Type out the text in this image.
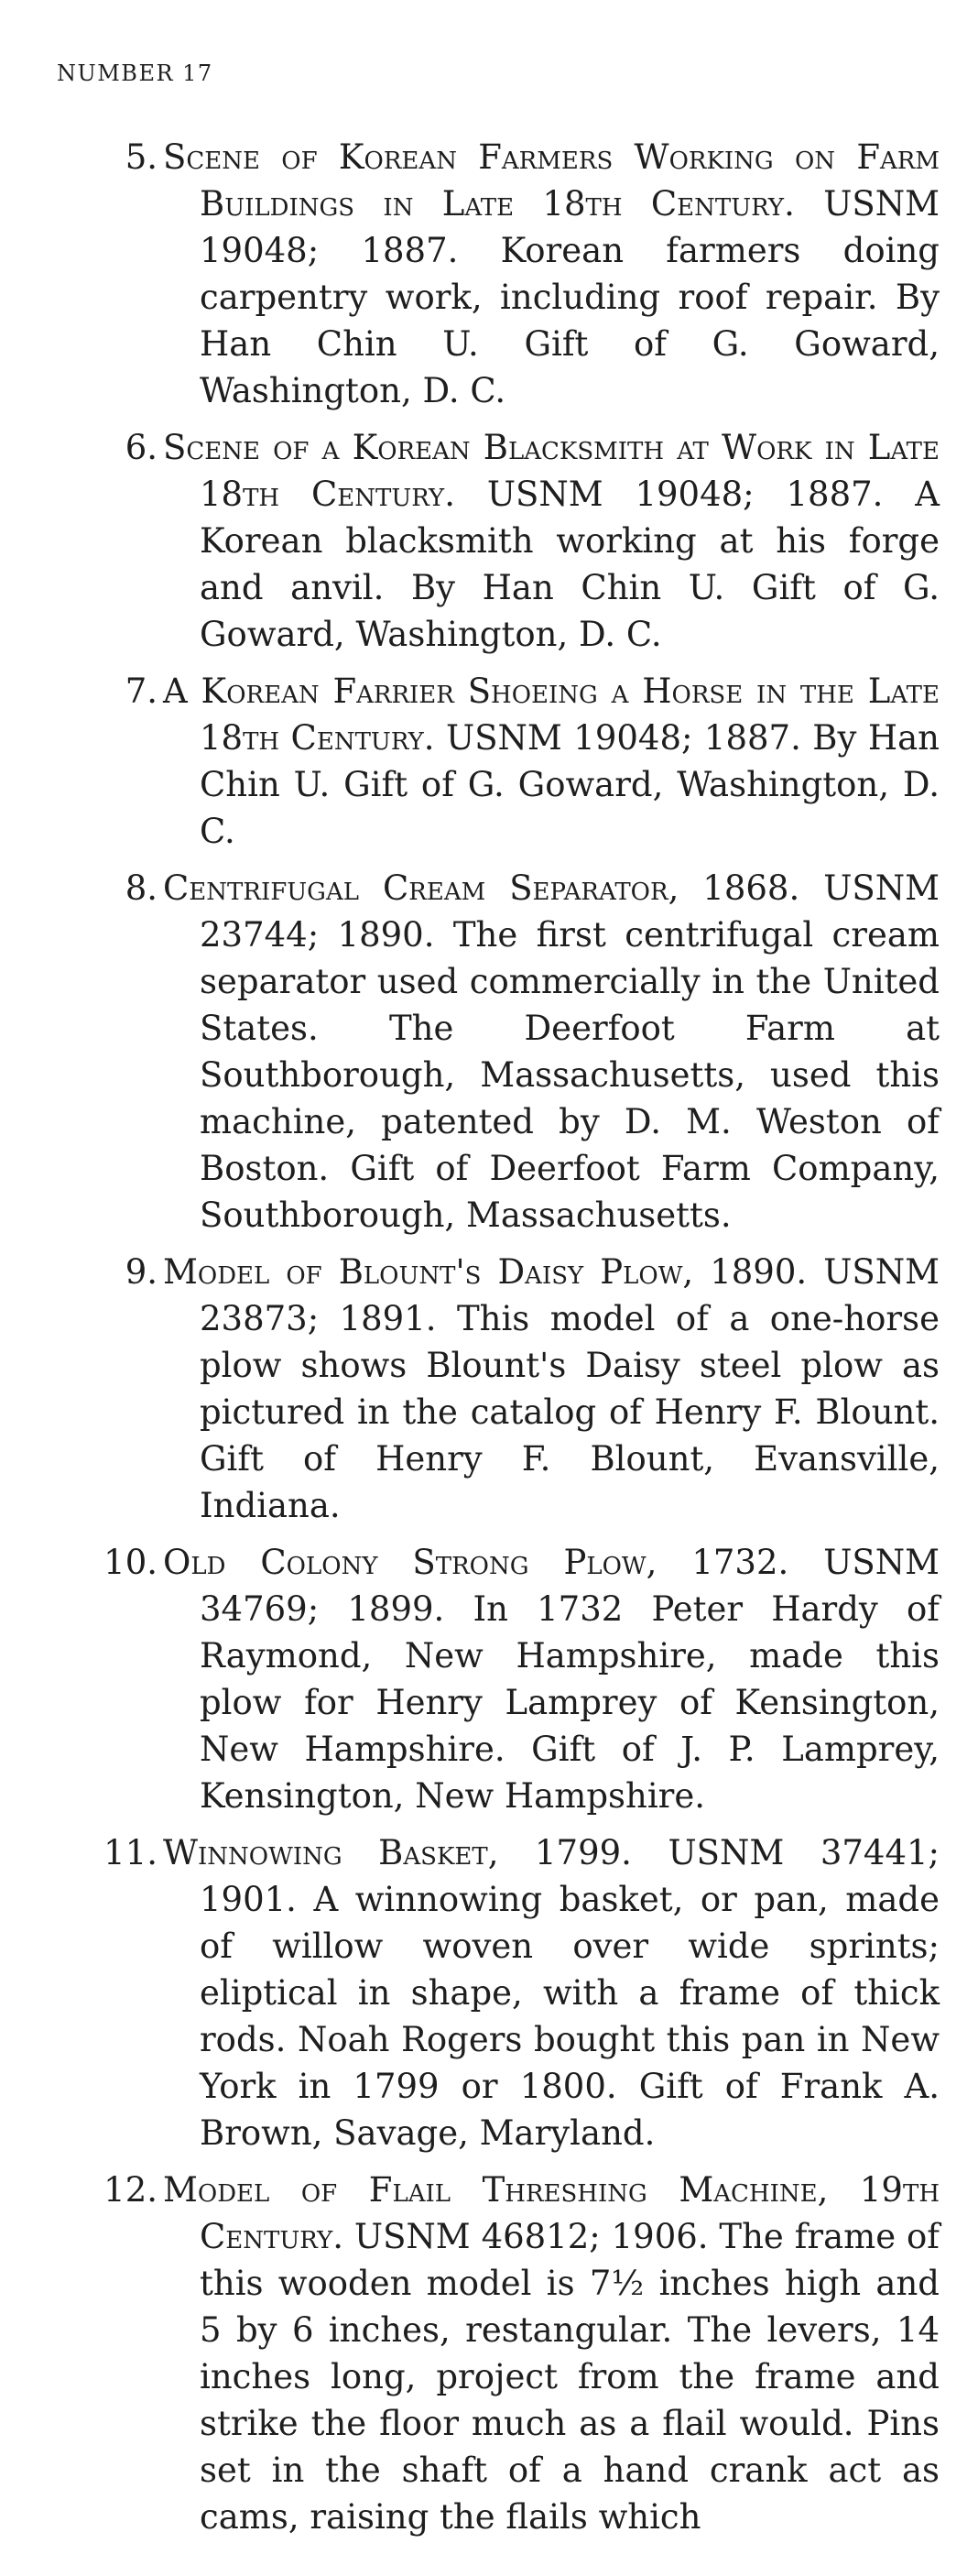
NUMBER 17
5. Scene of Korean Farmers Working on Farm Buildings in Late 18th Century. USNM 19048; 1887. Korean farmers doing carpentry work, including roof repair. By Han Chin U. Gift of G. Goward, Washington, D. C.
6. Scene of a Korean Blacksmith at Work in Late 18th Century. USNM 19048; 1887. A Korean blacksmith working at his forge and anvil. By Han Chin U. Gift of G. Goward, Washington, D. C.
7. A Korean Farrier Shoeing a Horse in the Late 18th Century. USNM 19048; 1887. By Han Chin U. Gift of G. Goward, Washington, D. C.
8. Centrifugal Cream Separator, 1868. USNM 23744; 1890. The first centrifugal cream separator used commercially in the United States. The Deerfoot Farm at Southborough, Massachusetts, used this machine, patented by D. M. Weston of Boston. Gift of Deerfoot Farm Company, Southborough, Massachusetts.
9. Model of Blount's Daisy Plow, 1890. USNM 23873; 1891. This model of a one-horse plow shows Blount's Daisy steel plow as pictured in the catalog of Henry F. Blount. Gift of Henry F. Blount, Evansville, Indiana.
10. Old Colony Strong Plow, 1732. USNM 34769; 1899. In 1732 Peter Hardy of Raymond, New Hampshire, made this plow for Henry Lamprey of Kensington, New Hampshire. Gift of J. P. Lamprey, Kensington, New Hampshire.
11. Winnowing Basket, 1799. USNM 37441; 1901. A winnowing basket, or pan, made of willow woven over wide sprints; eliptical in shape, with a frame of thick rods. Noah Rogers bought this pan in New York in 1799 or 1800. Gift of Frank A. Brown, Savage, Maryland.
12. Model of Flail Threshing Machine, 19th Century. USNM 46812; 1906. The frame of this wooden model is 7½ inches high and 5 by 6 inches, restangular. The levers, 14 inches long, project from the frame and strike the floor much as a flail would. Pins set in the shaft of a hand crank act as cams, raising the flails which
